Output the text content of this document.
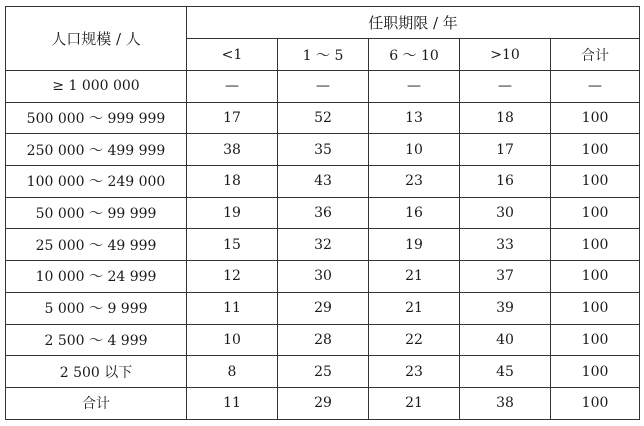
人口规模 / 人	任职期限 / 年				
	<1	1 ～ 5	6 ～ 10	>10	合计
≥ 1 000 000	—	—	—	—	—
500 000 ～ 999 999	17	52	13	18	100
250 000 ～ 499 999	38	35	10	17	100
100 000 ～ 249 000	18	43	23	16	100
50 000 ～ 99 999	19	36	16	30	100
25 000 ～ 49 999	15	32	19	33	100
10 000 ～ 24 999	12	30	21	37	100
5 000 ～ 9 999	11	29	21	39	100
2 500 ～ 4 999	10	28	22	40	100
2 500 以下	8	25	23	45	100
合计	11	29	21	38	100
